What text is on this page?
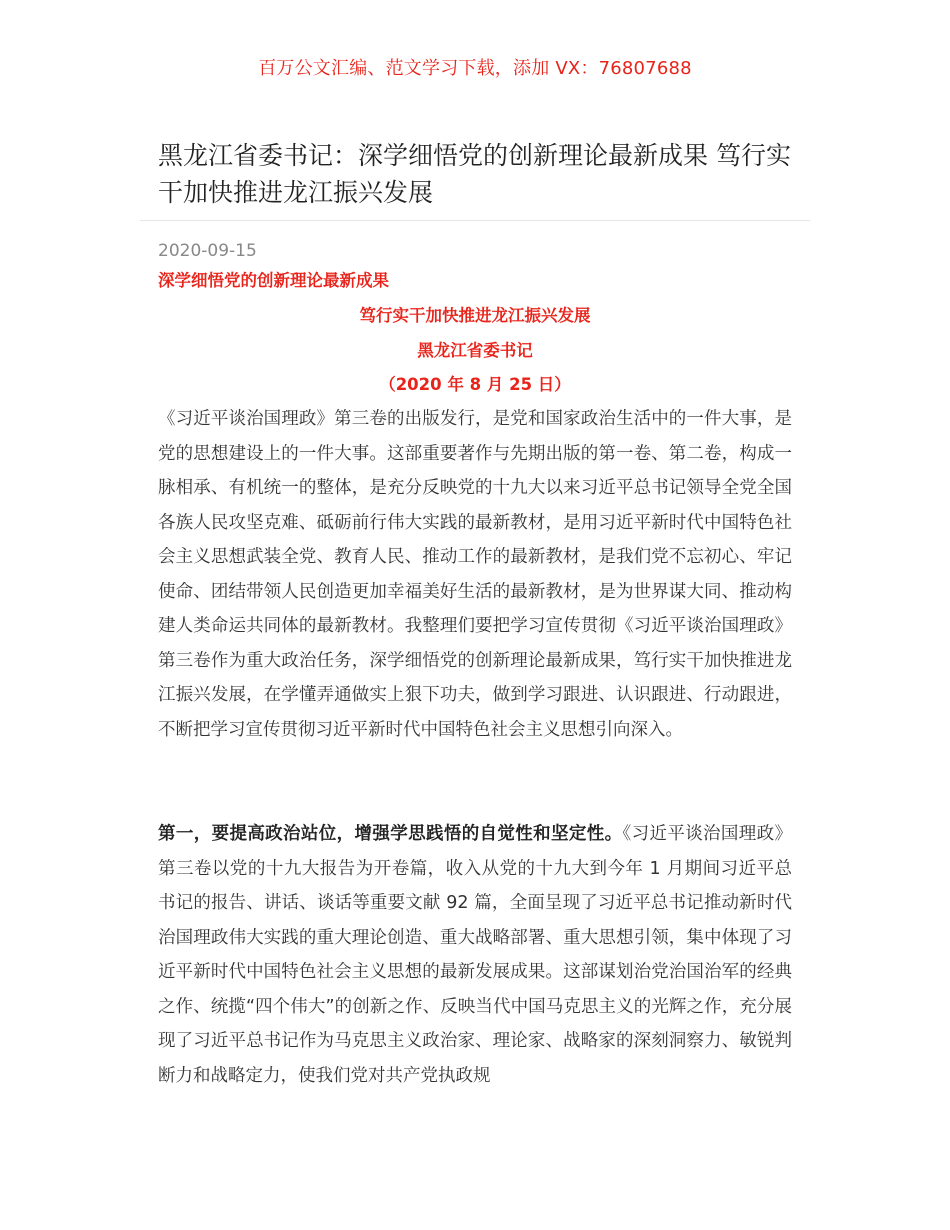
百万公文汇编、范文学习下载，添加 VX：76807688
黑龙江省委书记：深学细悟党的创新理论最新成果 笃行实干加快推进龙江振兴发展
2020-09-15
深学细悟党的创新理论最新成果
笃行实干加快推进龙江振兴发展
黑龙江省委书记
（2020 年 8 月 25 日）

《习近平谈治国理政》第三卷的出版发行，是党和国家政治生活中的一件大事，是党的思想建设上的一件大事。这部重要著作与先期出版的第一卷、第二卷，构成一脉相承、有机统一的整体，是充分反映党的十九大以来习近平总书记领导全党全国各族人民攻坚克难、砥砺前行伟大实践的最新教材，是用习近平新时代中国特色社会主义思想武装全党、教育人民、推动工作的最新教材，是我们党不忘初心、牢记使命、团结带领人民创造更加幸福美好生活的最新教材，是为世界谋大同、推动构建人类命运共同体的最新教材。我整理们要把学习宣传贯彻《习近平谈治国理政》第三卷作为重大政治任务，深学细悟党的创新理论最新成果，笃行实干加快推进龙江振兴发展，在学懂弄通做实上狠下功夫，做到学习跟进、认识跟进、行动跟进，不断把学习宣传贯彻习近平新时代中国特色社会主义思想引向深入。

第一，要提高政治站位，增强学思践悟的自觉性和坚定性。《习近平谈治国理政》第三卷以党的十九大报告为开卷篇，收入从党的十九大到今年 1 月期间习近平总书记的报告、讲话、谈话等重要文献 92 篇，全面呈现了习近平总书记推动新时代治国理政伟大实践的重大理论创造、重大战略部署、重大思想引领，集中体现了习近平新时代中国特色社会主义思想的最新发展成果。这部谋划治党治国治军的经典之作、统揽“四个伟大”的创新之作、反映当代中国马克思主义的光辉之作，充分展现了习近平总书记作为马克思主义政治家、理论家、战略家的深刻洞察力、敏锐判断力和战略定力，使我们党对共产党执政规
